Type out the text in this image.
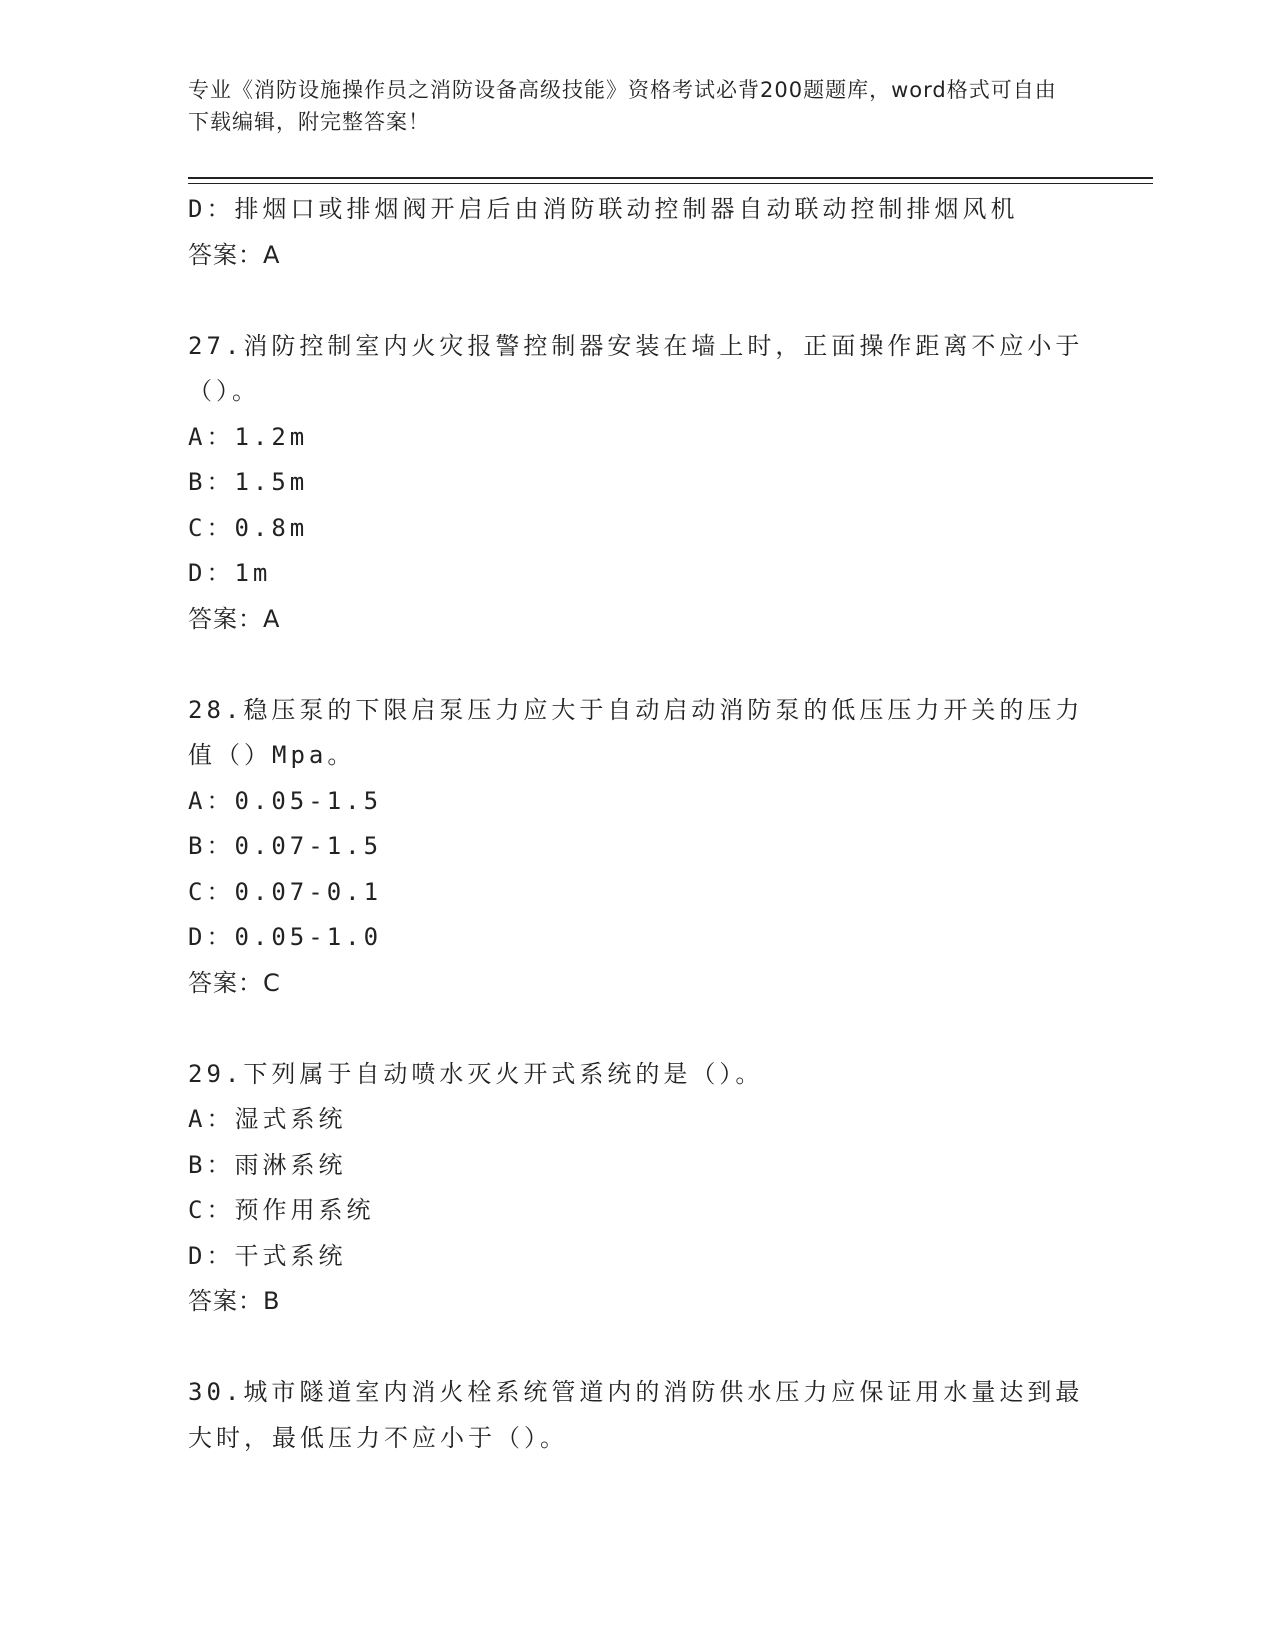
专业《消防设施操作员之消防设备高级技能》资格考试必背200题题库，word格式可自由下载编辑，附完整答案！
D：排烟口或排烟阀开启后由消防联动控制器自动联动控制排烟风机
答案：A
27.消防控制室内火灾报警控制器安装在墙上时，正面操作距离不应小于（）。
A：1.2m
B：1.5m
C：0.8m
D：1m
答案：A
28.稳压泵的下限启泵压力应大于自动启动消防泵的低压压力开关的压力值（）Mpa。
A：0.05-1.5
B：0.07-1.5
C：0.07-0.1
D：0.05-1.0
答案：C
29.下列属于自动喷水灭火开式系统的是（）。
A：湿式系统
B：雨淋系统
C：预作用系统
D：干式系统
答案：B
30.城市隧道室内消火栓系统管道内的消防供水压力应保证用水量达到最大时，最低压力不应小于（）。
